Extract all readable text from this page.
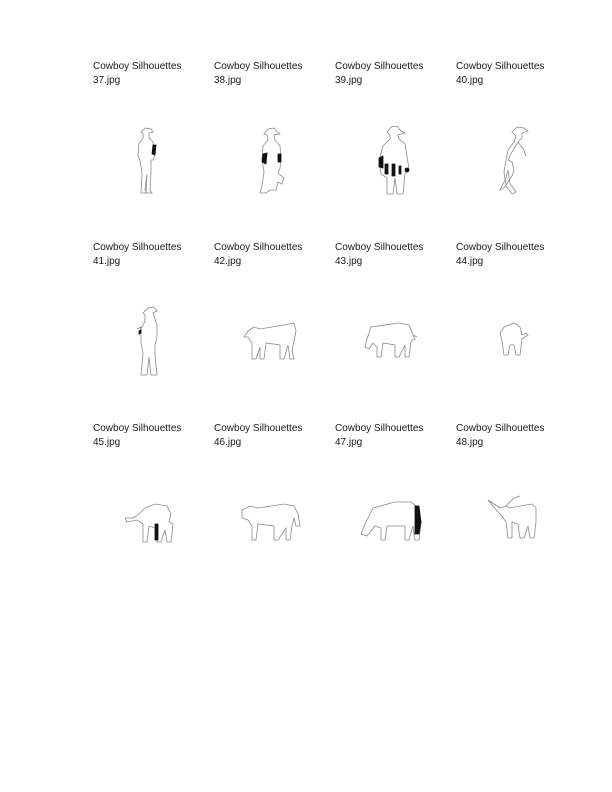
Cowboy Silhouettes
37.jpg
Cowboy Silhouettes
38.jpg
Cowboy Silhouettes
39.jpg
Cowboy Silhouettes
40.jpg
Cowboy Silhouettes
41.jpg
Cowboy Silhouettes
42.jpg
Cowboy Silhouettes
43.jpg
Cowboy Silhouettes
44.jpg
Cowboy Silhouettes
45.jpg
Cowboy Silhouettes
46.jpg
Cowboy Silhouettes
47.jpg
Cowboy Silhouettes
48.jpg
